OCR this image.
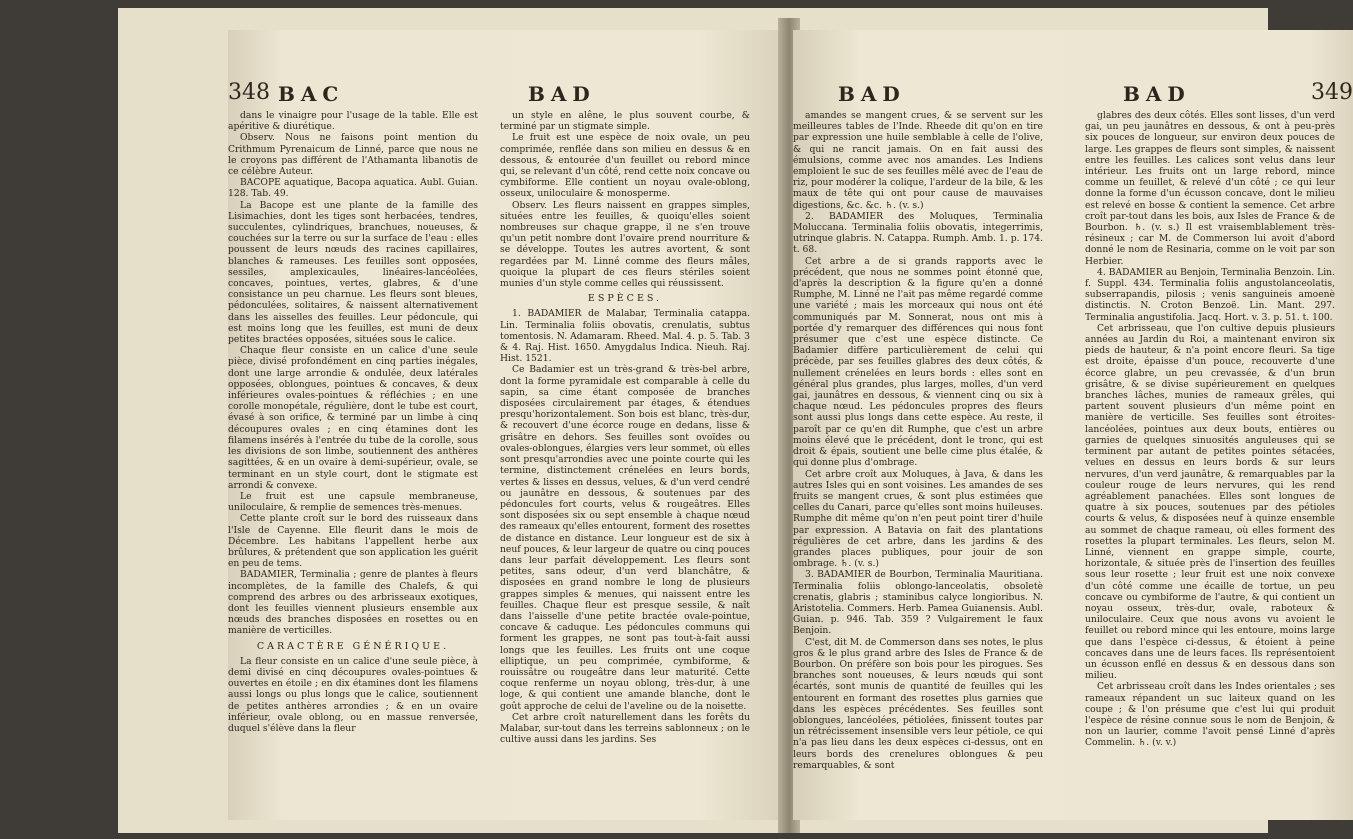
348 BAC	BAD

dans le vinaigre pour l'usage de la table. Elle est apéritive & diurétique.

Observ. Nous ne faisons point mention du Crithmum Pyrenaicum de Linné, parce que nous ne le croyons pas différent de l'Athamanta libanotis de ce célèbre Auteur.

BACOPE aquatique, Bacopa aquatica. Aubl. Guian. 128. Tab. 49.

La Bacope est une plante de la famille des Lisimachies, dont les tiges sont herbacées, tendres, succulentes, cylindriques, branchues, noueuses, & couchées sur la terre ou sur la surface de l'eau : elles poussent de leurs nœuds des racines capillaires, blanches & rameuses. Les feuilles sont opposées, sessiles, amplexicaules, linéaires-lancéolées, concaves, pointues, vertes, glabres, & d'une consistance un peu charnue. Les fleurs sont bleues, pédonculées, solitaires, & naissent alternativement dans les aisselles des feuilles. Leur pédoncule, qui est moins long que les feuilles, est muni de deux petites bractées opposées, situées sous le calice.

Chaque fleur consiste en un calice d'une seule pièce, divisé profondément en cinq parties inégales, dont une large arrondie & ondulée, deux latérales opposées, oblongues, pointues & concaves, & deux inférieures ovales-pointues & réfléchies ; en une corolle monopétale, régulière, dont le tube est court, évasé à son orifice, & terminé par un limbe à cinq découpures ovales ; en cinq étamines dont les filamens insérés à l'entrée du tube de la corolle, sous les divisions de son limbe, soutiennent des anthères sagittées, & en un ovaire à demi-supérieur, ovale, se terminant en un style court, dont le stigmate est arrondi & convexe.

Le fruit est une capsule membraneuse, uniloculaire, & remplie de semences très-menues.

Cette plante croît sur le bord des ruisseaux dans l'Isle de Cayenne. Elle fleurit dans le mois de Décembre. Les habitans l'appellent herbe aux brûlures, & prétendent que son application les guérit en peu de tems.

BADAMIER, Terminalia ; genre de plantes à fleurs incomplètes, de la famille des Chalefs, & qui comprend des arbres ou des arbrisseaux exotiques, dont les feuilles viennent plusieurs ensemble aux nœuds des branches disposées en rosettes ou en manière de verticilles.

CARACTÈRE GÉNÉRIQUE.

La fleur consiste en un calice d'une seule pièce, à demi divisé en cinq découpures ovales-pointues & ouvertes en étoile ; en dix étamines dont les filamens aussi longs ou plus longs que le calice, soutiennent de petites anthères arrondies ; & en un ovaire inférieur, ovale oblong, ou en massue renversée, duquel s'élève dans la fleur

un style en alêne, le plus souvent courbe, & terminé par un stigmate simple.

Le fruit est une espèce de noix ovale, un peu comprimée, renflée dans son milieu en dessus & en dessous, & entourée d'un feuillet ou rebord mince qui, se relevant d'un côté, rend cette noix concave ou cymbiforme. Elle contient un noyau ovale-oblong, osseux, uniloculaire & monosperme.

Observ. Les fleurs naissent en grappes simples, situées entre les feuilles, & quoiqu'elles soient nombreuses sur chaque grappe, il ne s'en trouve qu'un petit nombre dont l'ovaire prend nourriture & se développe. Toutes les autres avortent, & sont regardées par M. Linné comme des fleurs mâles, quoique la plupart de ces fleurs stériles soient munies d'un style comme celles qui réussissent.

ESPÈCES.

1. BADAMIER de Malabar, Terminalia catappa. Lin. Terminalia foliis obovatis, crenulatis, subtus tomentosis. N. Adamaram. Rheed. Mal. 4. p. 5. Tab. 3 & 4. Raj. Hist. 1650. Amygdalus Indica. Nieuh. Raj. Hist. 1521.

Ce Badamier est un très-grand & très-bel arbre, dont la forme pyramidale est comparable à celle du sapin, sa cime étant composée de branches disposées circulairement par étages, & étendues presqu'horizontalement. Son bois est blanc, très-dur, & recouvert d'une écorce rouge en dedans, lisse & grisâtre en dehors. Ses feuilles sont ovoïdes ou ovales-oblongues, élargies vers leur sommet, où elles sont presqu'arrondies avec une pointe courte qui les termine, distinctement crénelées en leurs bords, vertes & lisses en dessus, velues, & d'un verd cendré ou jaunâtre en dessous, & soutenues par des pédoncules fort courts, velus & rougeâtres. Elles sont disposées six ou sept ensemble à chaque nœud des rameaux qu'elles entourent, forment des rosettes de distance en distance. Leur longueur est de six à neuf pouces, & leur largeur de quatre ou cinq pouces dans leur parfait développement. Les fleurs sont petites, sans odeur, d'un verd blanchâtre, & disposées en grand nombre le long de plusieurs grappes simples & menues, qui naissent entre les feuilles. Chaque fleur est presque sessile, & naît dans l'aisselle d'une petite bractée ovale-pointue, concave & caduque. Les pédoncules communs qui forment les grappes, ne sont pas tout-à-fait aussi longs que les feuilles. Les fruits ont une coque elliptique, un peu comprimée, cymbiforme, & rouissâtre ou rougeâtre dans leur maturité. Cette coque renferme un noyau oblong, très-dur, à une loge, & qui contient une amande blanche, dont le goût approche de celui de l'aveline ou de la noisette.

Cet arbre croît naturellement dans les forêts du Malabar, sur-tout dans les terreins sablonneux ; on le cultive aussi dans les jardins. Ses

BAD	BAD	349

amandes se mangent crues, & se servent sur les meilleures tables de l'Inde. Rheede dit qu'on en tire par expression une huile semblable à celle de l'olive, & qui ne rancit jamais. On en fait aussi des émulsions, comme avec nos amandes. Les Indiens emploient le suc de ses feuilles mêlé avec de l'eau de riz, pour modérer la colique, l'ardeur de la bile, & les maux de tête qui ont pour cause de mauvaises digestions, &c. &c. ♄. (v. s.)

2. BADAMIER des Moluques, Terminalia Moluccana. Terminalia foliis obovatis, integerrimis, utrinque glabris. N. Catappa. Rumph. Amb. 1. p. 174. t. 68.

Cet arbre a de si grands rapports avec le précédent, que nous ne sommes point étonné que, d'après la description & la figure qu'en a donné Rumphe, M. Linné ne l'ait pas même regardé comme une variété ; mais les morceaux qui nous ont été communiqués par M. Sonnerat, nous ont mis à portée d'y remarquer des différences qui nous font présumer que c'est une espèce distincte. Ce Badamier diffère particulièrement de celui qui précède, par ses feuilles glabres des deux côtés, & nullement crénelées en leurs bords : elles sont en général plus grandes, plus larges, molles, d'un verd gai, jaunâtres en dessous, & viennent cinq ou six à chaque nœud. Les pédoncules propres des fleurs sont aussi plus longs dans cette espèce. Au reste, il paroît par ce qu'en dit Rumphe, que c'est un arbre moins élevé que le précédent, dont le tronc, qui est droit & épais, soutient une belle cime plus étalée, & qui donne plus d'ombrage.

Cet arbre croît aux Moluques, à Java, & dans les autres Isles qui en sont voisines. Les amandes de ses fruits se mangent crues, & sont plus estimées que celles du Canari, parce qu'elles sont moins huileuses. Rumphe dit même qu'on n'en peut point tirer d'huile par expression. A Batavia on fait des plantations régulières de cet arbre, dans les jardins & des grandes places publiques, pour jouir de son ombrage. ♄. (v. s.)

3. BADAMIER de Bourbon, Terminalia Mauritiana. Terminalia foliis oblongo-lanceolatis, obsoletè crenatis, glabris ; staminibus calyce longioribus. N. Aristotelia. Commers. Herb. Pamea Guianensis. Aubl. Guian. p. 946. Tab. 359 ? Vulgairement le faux Benjoin.

C'est, dit M. de Commerson dans ses notes, le plus gros & le plus grand arbre des Isles de France & de Bourbon. On préfère son bois pour les pirogues. Ses branches sont noueuses, & leurs nœuds qui sont écartés, sont munis de quantité de feuilles qui les entourent en formant des rosettes plus garnies que dans les espèces précédentes. Ses feuilles sont oblongues, lancéolées, pétiolées, finissent toutes par un rétrécissement insensible vers leur pétiole, ce qui n'a pas lieu dans les deux espèces ci-dessus, ont en leurs bords des crenelures oblongues & peu remarquables, & sont

glabres des deux côtés. Elles sont lisses, d'un verd gai, un peu jaunâtres en dessous, & ont à peu-près six pouces de longueur, sur environ deux pouces de large. Les grappes de fleurs sont simples, & naissent entre les feuilles. Les calices sont velus dans leur intérieur. Les fruits ont un large rebord, mince comme un feuillet, & relevé d'un côté ; ce qui leur donne la forme d'un écusson concave, dont le milieu est relevé en bosse & contient la semence. Cet arbre croît par-tout dans les bois, aux Isles de France & de Bourbon. ♄. (v. s.) Il est vraisemblablement très-résineux ; car M. de Commerson lui avoit d'abord donné le nom de Resinaria, comme on le voit par son Herbier.

4. BADAMIER au Benjoin, Terminalia Benzoin. Lin. f. Suppl. 434. Terminalia foliis angustolanceolatis, subserrapandis, pilosis ; venis sanguineis amoenè distinctis. N. Croton Benzoë. Lin. Mant. 297. Terminalia angustifolia. Jacq. Hort. v. 3. p. 51. t. 100.

Cet arbrisseau, que l'on cultive depuis plusieurs années au Jardin du Roi, a maintenant environ six pieds de hauteur, & n'a point encore fleuri. Sa tige est droite, épaisse d'un pouce, recouverte d'une écorce glabre, un peu crevassée, & d'un brun grisâtre, & se divise supérieurement en quelques branches lâches, munies de rameaux grêles, qui partent souvent plusieurs d'un même point en manière de verticille. Ses feuilles sont étroites-lancéolées, pointues aux deux bouts, entières ou garnies de quelques sinuosités anguleuses qui se terminent par autant de petites pointes sétacées, velues en dessus en leurs bords & sur leurs nervures, d'un verd jaunâtre, & remarquables par la couleur rouge de leurs nervures, qui les rend agréablement panachées. Elles sont longues de quatre à six pouces, soutenues par des pétioles courts & velus, & disposées neuf à quinze ensemble au sommet de chaque rameau, où elles forment des rosettes la plupart terminales. Les fleurs, selon M. Linné, viennent en grappe simple, courte, horizontale, & située près de l'insertion des feuilles sous leur rosette ; leur fruit est une noix convexe d'un côté comme une écaille de tortue, un peu concave ou cymbiforme de l'autre, & qui contient un noyau osseux, très-dur, ovale, raboteux & uniloculaire. Ceux que nous avons vu avoient le feuillet ou rebord mince qui les entoure, moins large que dans l'espèce ci-dessus, & étoient à peine concaves dans une de leurs faces. Ils représentoient un écusson enflé en dessus & en dessous dans son milieu.

Cet arbrisseau croît dans les Indes orientales ; ses rameaux répandent un suc laiteux quand on les coupe ; & l'on présume que c'est lui qui produit l'espèce de résine connue sous le nom de Benjoin, & non un laurier, comme l'avoit pensé Linné d'après Commelin. ♄. (v. v.)
